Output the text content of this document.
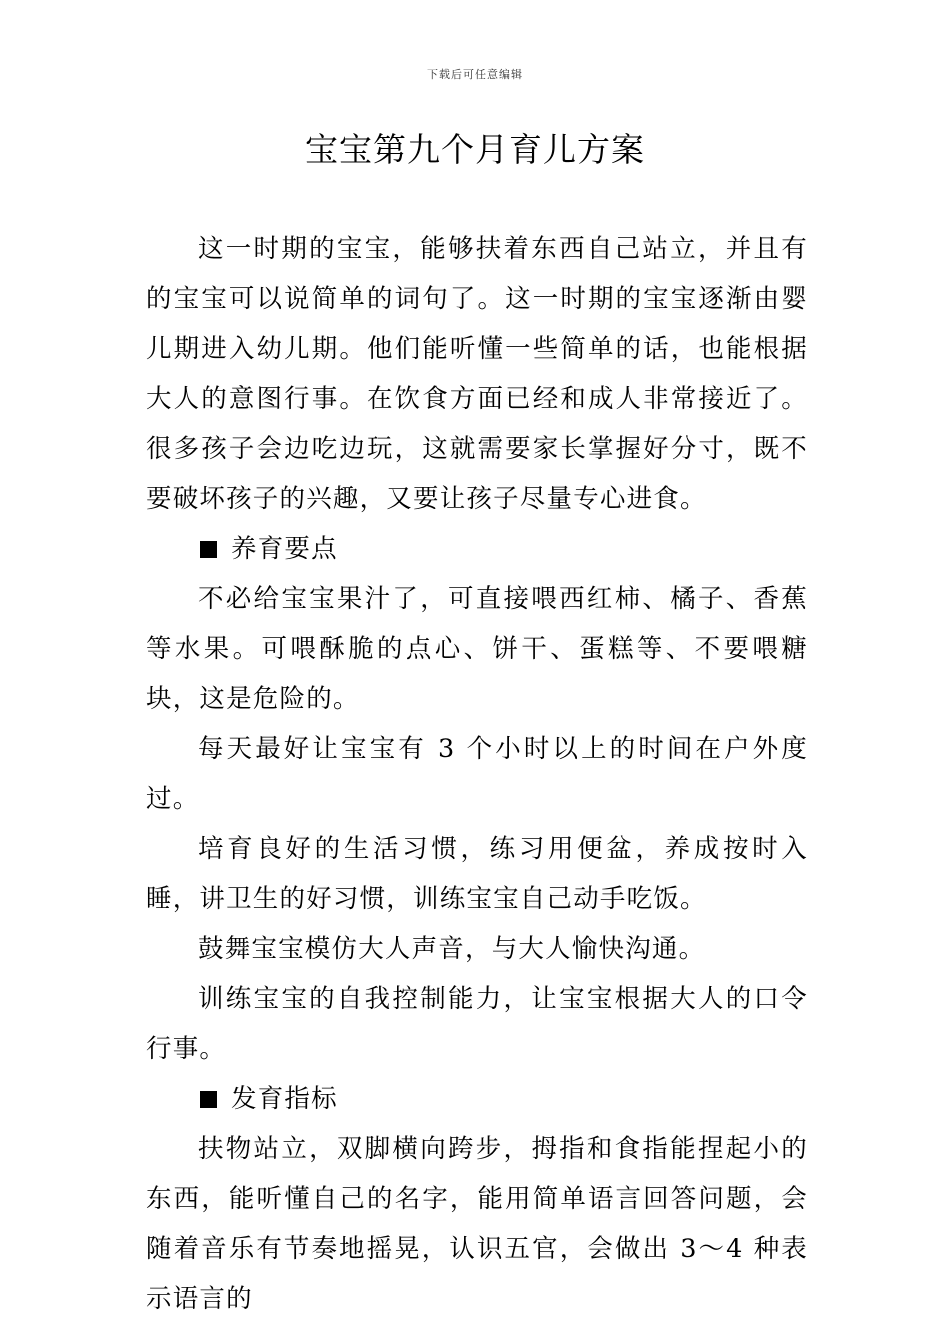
下载后可任意编辑
宝宝第九个月育儿方案

这一时期的宝宝，能够扶着东西自己站立，并且有的宝宝可以说简单的词句了。这一时期的宝宝逐渐由婴儿期进入幼儿期。他们能听懂一些简单的话，也能根据大人的意图行事。在饮食方面已经和成人非常接近了。很多孩子会边吃边玩，这就需要家长掌握好分寸，既不要破坏孩子的兴趣，又要让孩子尽量专心进食。

养育要点

不必给宝宝果汁了，可直接喂西红柿、橘子、香蕉等水果。可喂酥脆的点心、饼干、蛋糕等、不要喂糖块，这是危险的。

每天最好让宝宝有 3 个小时以上的时间在户外度过。

培育良好的生活习惯，练习用便盆，养成按时入睡，讲卫生的好习惯，训练宝宝自己动手吃饭。

鼓舞宝宝模仿大人声音，与大人愉快沟通。

训练宝宝的自我控制能力，让宝宝根据大人的口令行事。

发育指标

扶物站立，双脚横向跨步，拇指和食指能捏起小的东西，能听懂自己的名字，能用简单语言回答问题，会随着音乐有节奏地摇晃，认识五官，会做出 3～4 种表示语言的
